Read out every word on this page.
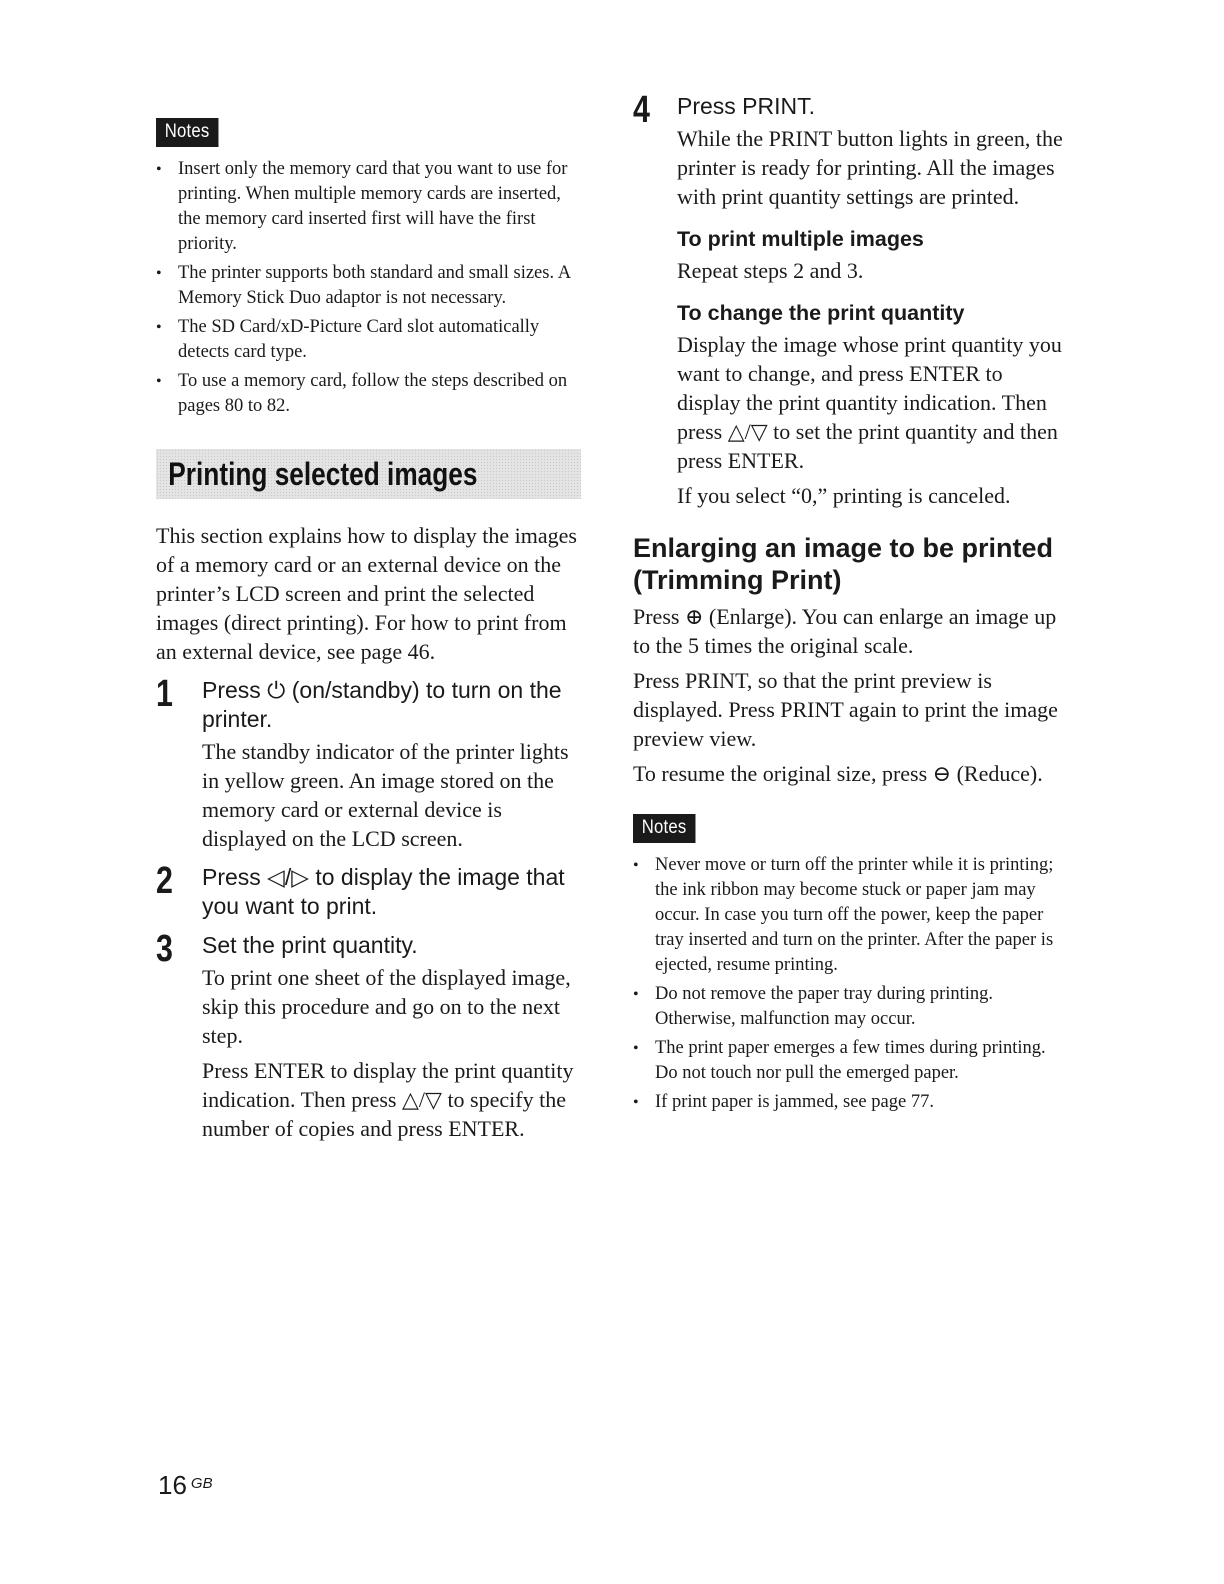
Notes
• Insert only the memory card that you want to use for printing. When multiple memory cards are inserted, the memory card inserted first will have the first priority.
• The printer supports both standard and small sizes. A Memory Stick Duo adaptor is not necessary.
• The SD Card/xD-Picture Card slot automatically detects card type.
• To use a memory card, follow the steps described on pages 80 to 82.
Printing selected images

This section explains how to display the images of a memory card or an external device on the printer’s LCD screen and print the selected images (direct printing). For how to print from an external device, see page 46.

1 Press ⏻ (on/standby) to turn on the printer.

The standby indicator of the printer lights in yellow green. An image stored on the memory card or external device is displayed on the LCD screen.

2 Press ◁/▷ to display the image that you want to print.
3 Set the print quantity.

To print one sheet of the displayed image, skip this procedure and go on to the next step.

Press ENTER to display the print quantity indication. Then press △/▽ to specify the number of copies and press ENTER.

4 Press PRINT.

While the PRINT button lights in green, the printer is ready for printing. All the images with print quantity settings are printed.

To print multiple images

Repeat steps 2 and 3.

To change the print quantity

Display the image whose print quantity you want to change, and press ENTER to display the print quantity indication. Then press △/▽ to set the print quantity and then press ENTER.

If you select “0,” printing is canceled.

Enlarging an image to be printed (Trimming Print)

Press ⊕ (Enlarge). You can enlarge an image up to the 5 times the original scale.

Press PRINT, so that the print preview is displayed. Press PRINT again to print the image preview view.

To resume the original size, press ⊖ (Reduce).

Notes
• Never move or turn off the printer while it is printing; the ink ribbon may become stuck or paper jam may occur. In case you turn off the power, keep the paper tray inserted and turn on the printer. After the paper is ejected, resume printing.
• Do not remove the paper tray during printing. Otherwise, malfunction may occur.
• The print paper emerges a few times during printing. Do not touch nor pull the emerged paper.
• If print paper is jammed, see page 77.
16 GB
